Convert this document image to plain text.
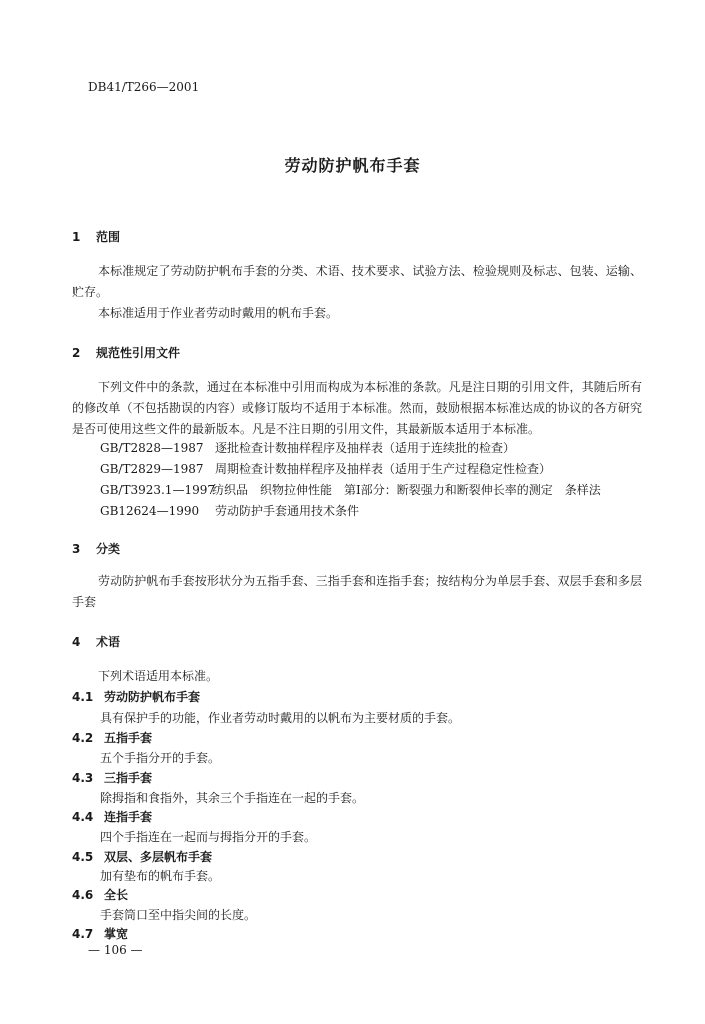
DB41/T266—2001
劳动防护帆布手套
1 范围
本标准规定了劳动防护帆布手套的分类、术语、技术要求、试验方法、检验规则及标志、包装、运输、贮存。
本标准适用于作业者劳动时戴用的帆布手套。
2 规范性引用文件
下列文件中的条款，通过在本标准中引用而构成为本标准的条款。凡是注日期的引用文件，其随后所有的修改单（不包括勘误的内容）或修订版均不适用于本标准。然而，鼓励根据本标准达成的协议的各方研究是否可使用这些文件的最新版本。凡是不注日期的引用文件，其最新版本适用于本标准。
GB/T2828—1987 逐批检查计数抽样程序及抽样表（适用于连续批的检查）
GB/T2829—1987 周期检查计数抽样程序及抽样表（适用于生产过程稳定性检查）
GB/T3923.1—1997纺织品　织物拉伸性能　第Ⅰ部分：断裂强力和断裂伸长率的测定　条样法
GB12624—1990 劳动防护手套通用技术条件
3 分类
劳动防护帆布手套按形状分为五指手套、三指手套和连指手套；按结构分为单层手套、双层手套和多层手套
4 术语
下列术语适用本标准。
4.1 劳动防护帆布手套
具有保护手的功能，作业者劳动时戴用的以帆布为主要材质的手套。
4.2 五指手套
五个手指分开的手套。
4.3 三指手套
除拇指和食指外，其余三个手指连在一起的手套。
4.4 连指手套
四个手指连在一起而与拇指分开的手套。
4.5 双层、多层帆布手套
加有垫布的帆布手套。
4.6 全长
手套筒口至中指尖间的长度。
4.7 掌宽
— 106 —
